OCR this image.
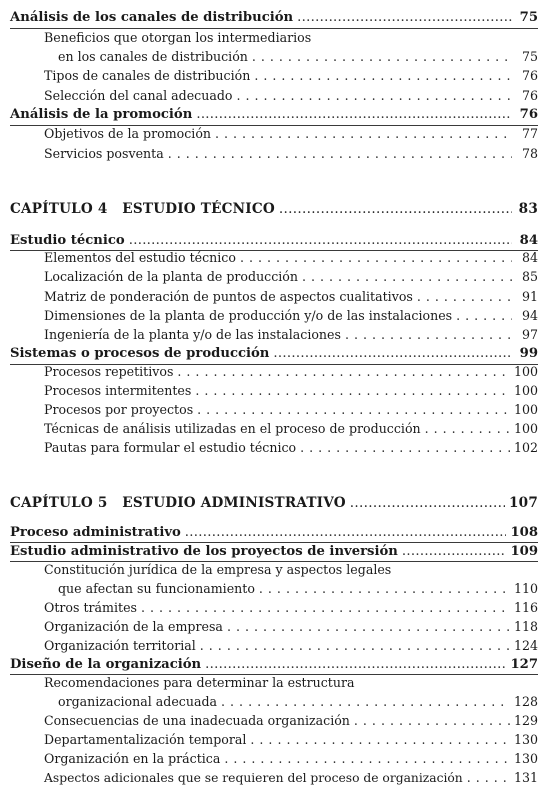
Análisis de los canales de distribución .....	75
Beneficios que otorgan los intermediarios
en los canales de distribución . . .	75
Tipos de canales de distribución . . .	76
Selección del canal adecuado . . .	76
Análisis de la promoción .....	76
Objetivos de la promoción . . .	77
Servicios posventa . . .	78
CAPÍTULO 4   ESTUDIO TÉCNICO .....	83
Estudio técnico .....	84
Elementos del estudio técnico . . .	84
Localización de la planta de producción . . .	85
Matriz de ponderación de puntos de aspectos cualitativos . . .	91
Dimensiones de la planta de producción y/o de las instalaciones . . .	94
Ingeniería de la planta y/o de las instalaciones . . .	97
Sistemas o procesos de producción .....	99
Procesos repetitivos . . .	100
Procesos intermitentes . . .	100
Procesos por proyectos . . .	100
Técnicas de análisis utilizadas en el proceso de producción . . .	100
Pautas para formular el estudio técnico . . .	102
CAPÍTULO 5   ESTUDIO ADMINISTRATIVO .....	107
Proceso administrativo .....	108
Estudio administrativo de los proyectos de inversión .....	109
Constitución jurídica de la empresa y aspectos legales
que afectan su funcionamiento . . .	110
Otros trámites . . .	116
Organización de la empresa . . .	118
Organización territorial . . .	124
Diseño de la organización .....	127
Recomendaciones para determinar la estructura
organizacional adecuada . . .	128
Consecuencias de una inadecuada organización . . .	129
Departamentalización temporal . . .	130
Organización en la práctica . . .	130
Aspectos adicionales que se requieren del proceso de organización . . .	131
